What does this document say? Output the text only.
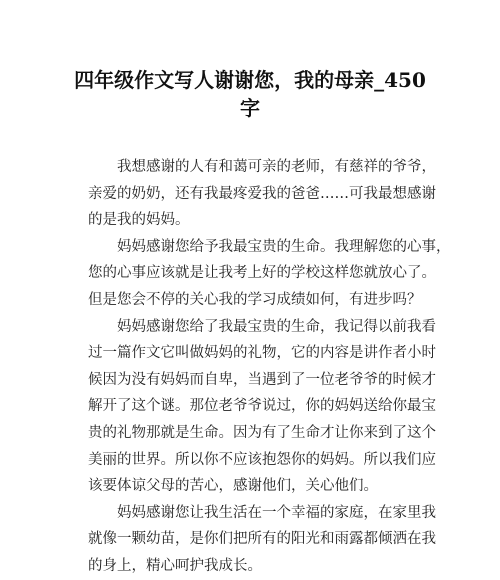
四年级作文写人谢谢您，我的母亲_450
字
我想感谢的人有和蔼可亲的老师，有慈祥的爷爷，
亲爱的奶奶，还有我最疼爱我的爸爸……可我最想感谢
的是我的妈妈。
妈妈感谢您给予我最宝贵的生命。我理解您的心事，
您的心事应该就是让我考上好的学校这样您就放心了。
但是您会不停的关心我的学习成绩如何，有进步吗？
妈妈感谢您给了我最宝贵的生命，我记得以前我看
过一篇作文它叫做妈妈的礼物，它的内容是讲作者小时
候因为没有妈妈而自卑，当遇到了一位老爷爷的时候才
解开了这个谜。那位老爷爷说过，你的妈妈送给你最宝
贵的礼物那就是生命。因为有了生命才让你来到了这个
美丽的世界。所以你不应该抱怨你的妈妈。所以我们应
该要体谅父母的苦心，感谢他们，关心他们。
妈妈感谢您让我生活在一个幸福的家庭，在家里我
就像一颗幼苗，是你们把所有的阳光和雨露都倾洒在我
的身上，精心呵护我成长。
